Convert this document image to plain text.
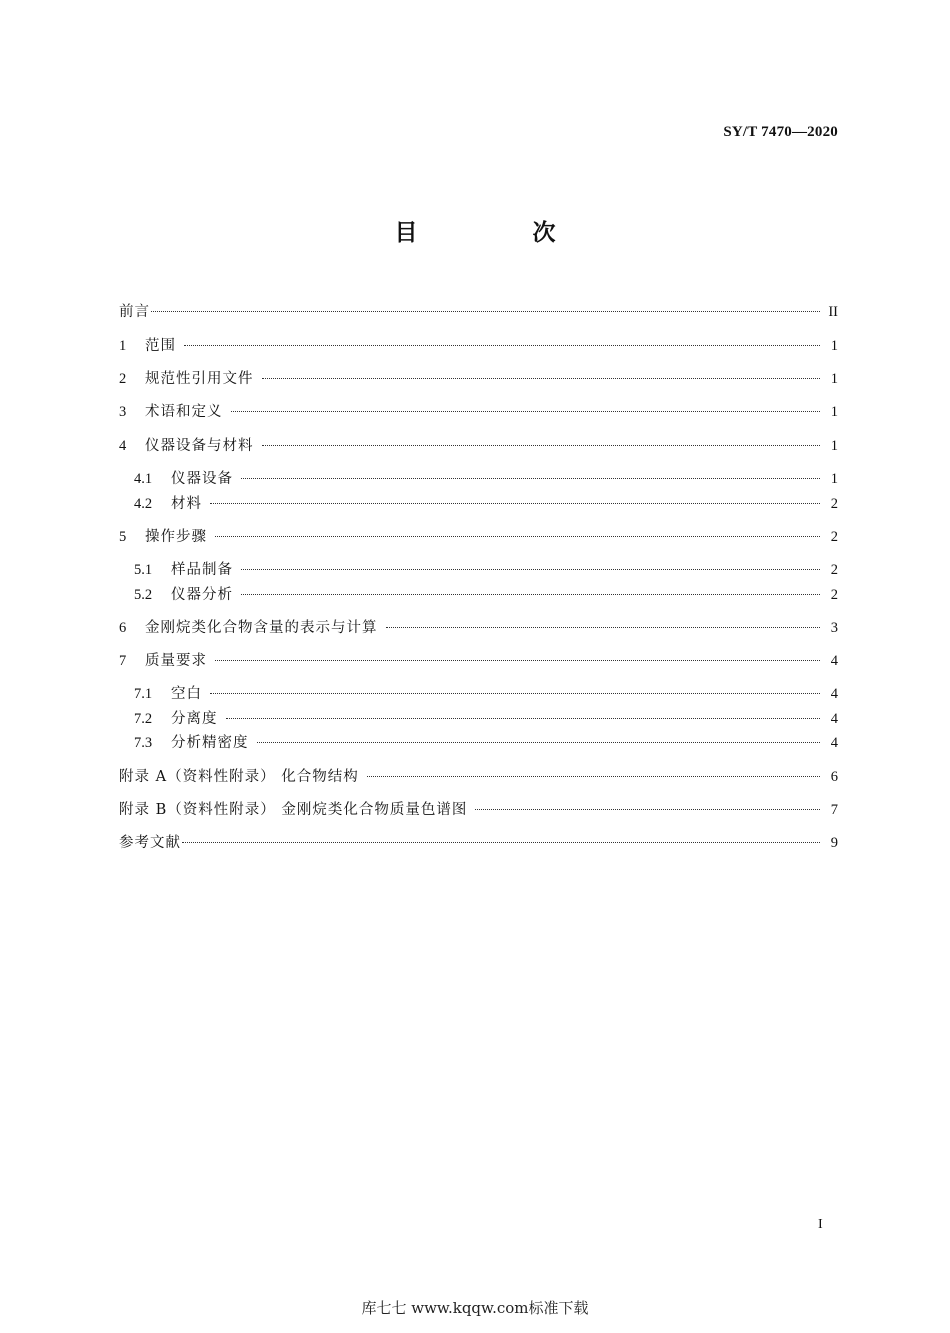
SY/T 7470—2020
目　次
前言	II
1	范围	1
2	规范性引用文件	1
3	术语和定义	1
4	仪器设备与材料	1
4.1	仪器设备	1
4.2	材料	2
5	操作步骤	2
5.1	样品制备	2
5.2	仪器分析	2
6	金刚烷类化合物含量的表示与计算	3
7	质量要求	4
7.1	空白	4
7.2	分离度	4
7.3	分析精密度	4
附录 A（资料性附录） 化合物结构	6
附录 B（资料性附录） 金刚烷类化合物质量色谱图	7
参考文献	9
I
库七七 www.kqqw.com标准下载
